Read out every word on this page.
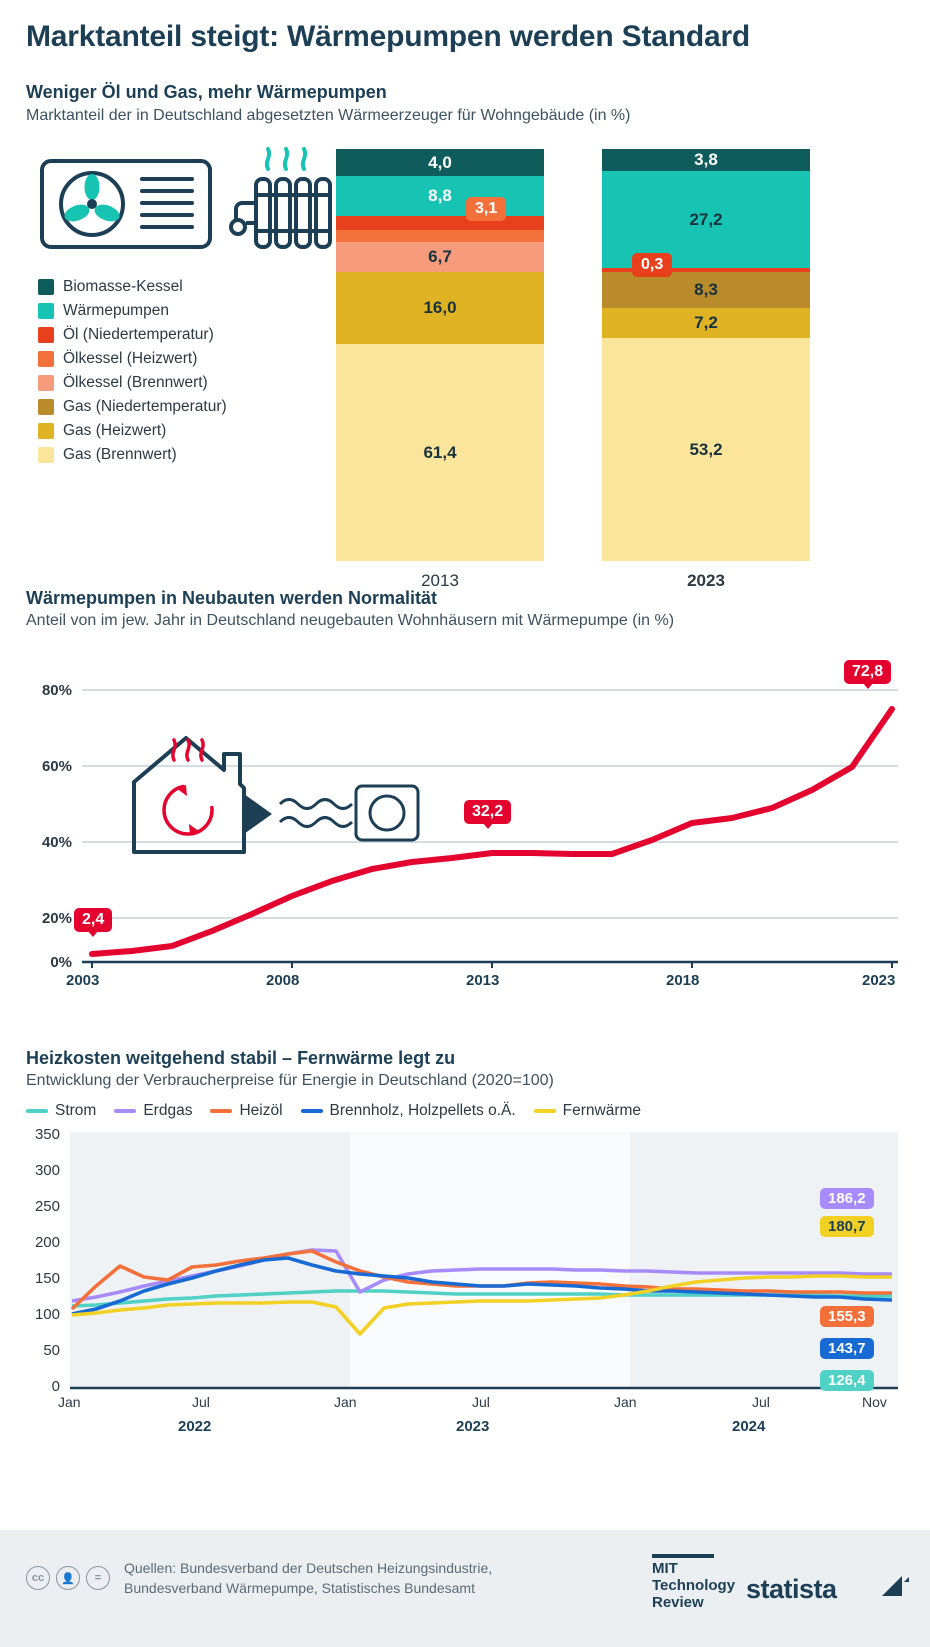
Marktanteil steigt: Wärmepumpen werden Standard
Weniger Öl und Gas, mehr Wärmepumpen
Marktanteil der in Deutschland abgesetzten Wärmeerzeuger für Wohngebäude (in %)
Biomasse-Kessel
Wärmepumpen
Öl (Niedertemperatur)
Ölkessel (Heizwert)
Ölkessel (Brennwert)
Gas (Niedertemperatur)
Gas (Heizwert)
Gas (Brennwert)
4,0
8,8
6,7
16,0
61,4
2013
3,1
3,8
27,2
8,3
7,2
53,2
2023
0,3
Wärmepumpen in Neubauten werden Normalität
Anteil von im jew. Jahr in Deutschland neugebauten Wohnhäusern mit Wärmepumpe (in %)
80%
60%
40%
20%
0%
2,4
32,2
72,8
2003	2008	2013	2018	2023
Heizkosten weitgehend stabil – Fernwärme legt zu
Entwicklung der Verbraucherpreise für Energie in Deutschland (2020=100)
Strom	Erdgas	Heizöl	Brennholz, Holzpellets o.Ä.	Fernwärme
350
300
250
200
150
100
50
0
186,2
180,7
155,3
143,7
126,4
Jan	Jul	Jan	Jul	Jan	Jul	Nov
2022	2023	2024
cc	👤	=
Quellen: Bundesverband der Deutschen Heizungsindustrie,
Bundesverband Wärmepumpe, Statistisches Bundesamt
MIT
Technology
Review	statista
